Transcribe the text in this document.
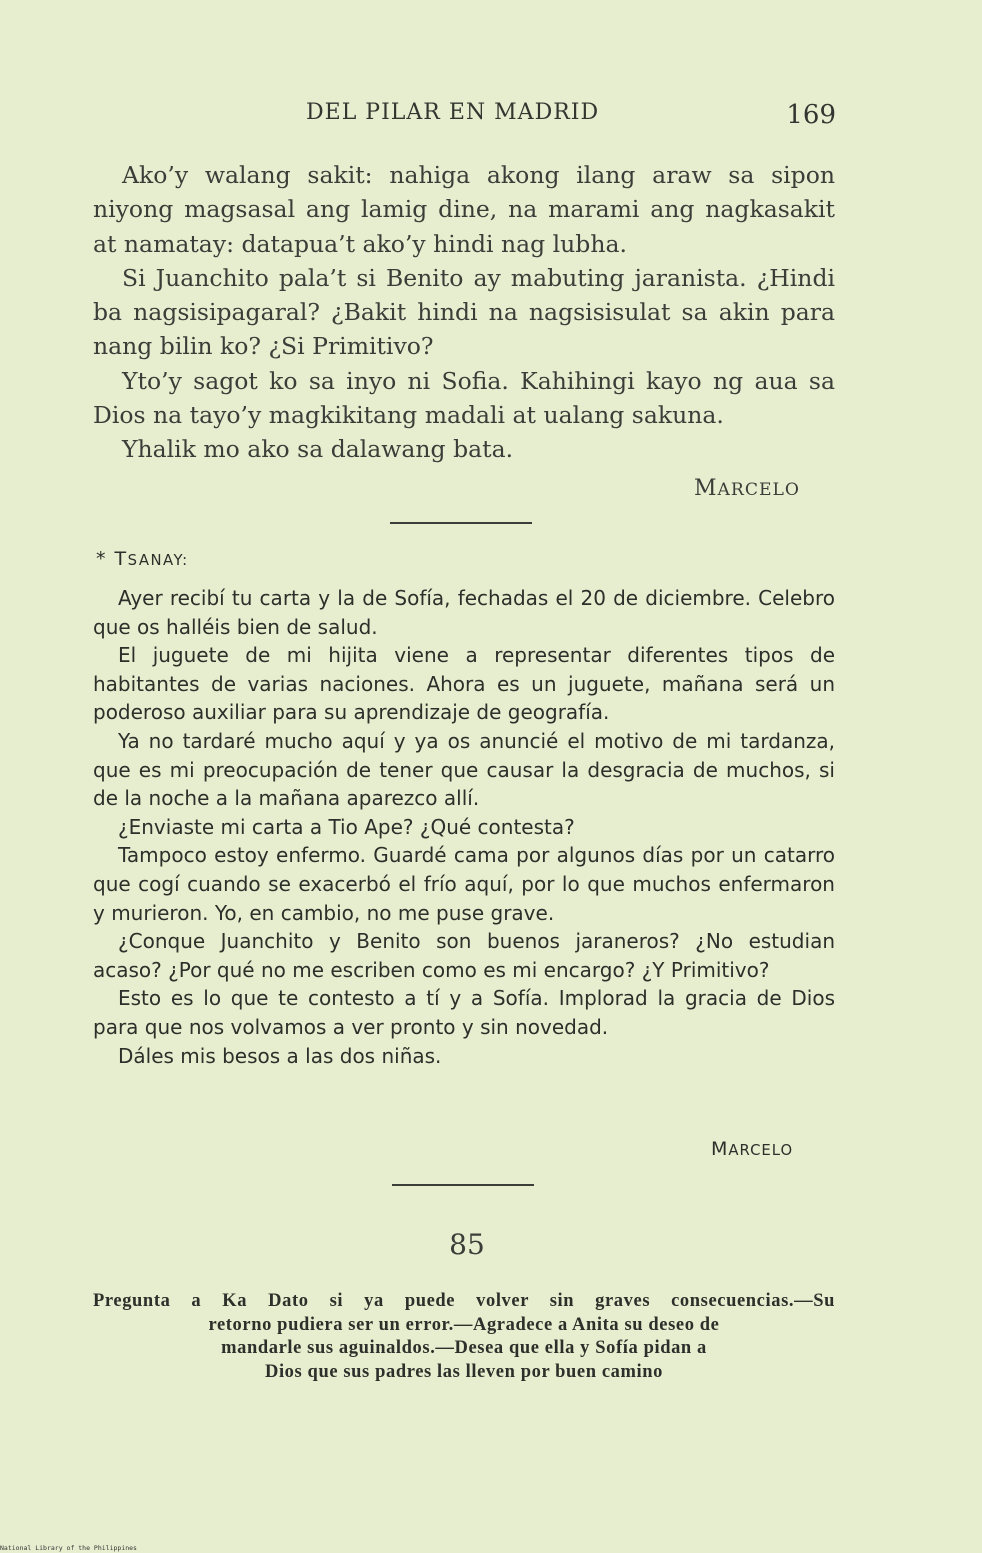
DEL PILAR EN MADRID	169

Ako’y walang sakit: nahiga akong ilang araw sa sipon niyong magsasal ang lamig dine, na marami ang nagkasakit at namatay: datapua’t ako’y hindi nag lubha.

Si Juanchito pala’t si Benito ay mabuting jaranista. ¿Hindi ba nagsisipagaral? ¿Bakit hindi na nagsisisulat sa akin para nang bilin ko? ¿Si Primitivo?

Yto’y sagot ko sa inyo ni Sofia. Kahihingi kayo ng aua sa Dios na tayo’y magkikitang madali at ualang sakuna.

Yhalik mo ako sa dalawang bata.

MARCELO
* TSANAY:

Ayer recibí tu carta y la de Sofía, fechadas el 20 de diciembre. Celebro que os halléis bien de salud.

El juguete de mi hijita viene a representar diferentes tipos de habitantes de varias naciones. Ahora es un juguete, mañana será un poderoso auxiliar para su aprendizaje de geografía.

Ya no tardaré mucho aquí y ya os anuncié el motivo de mi tardanza, que es mi preocupación de tener que causar la desgracia de muchos, si de la noche a la mañana aparezco allí.

¿Enviaste mi carta a Tio Ape? ¿Qué contesta?

Tampoco estoy enfermo. Guardé cama por algunos días por un catarro que cogí cuando se exacerbó el frío aquí, por lo que muchos enfermaron y murieron. Yo, en cambio, no me puse grave.

¿Conque Juanchito y Benito son buenos jaraneros? ¿No estudian acaso? ¿Por qué no me escriben como es mi encargo? ¿Y Primitivo?

Esto es lo que te contesto a tí y a Sofía. Implorad la gracia de Dios para que nos volvamos a ver pronto y sin novedad.

Dáles mis besos a las dos niñas.

MARCELO
85
Pregunta a Ka Dato si ya puede volver sin graves consecuencias.—Su
retorno pudiera ser un error.—Agradece a Anita su deseo de
mandarle sus aguinaldos.—Desea que ella y Sofía pidan a
Dios que sus padres las lleven por buen camino
National Library of the Philippines
